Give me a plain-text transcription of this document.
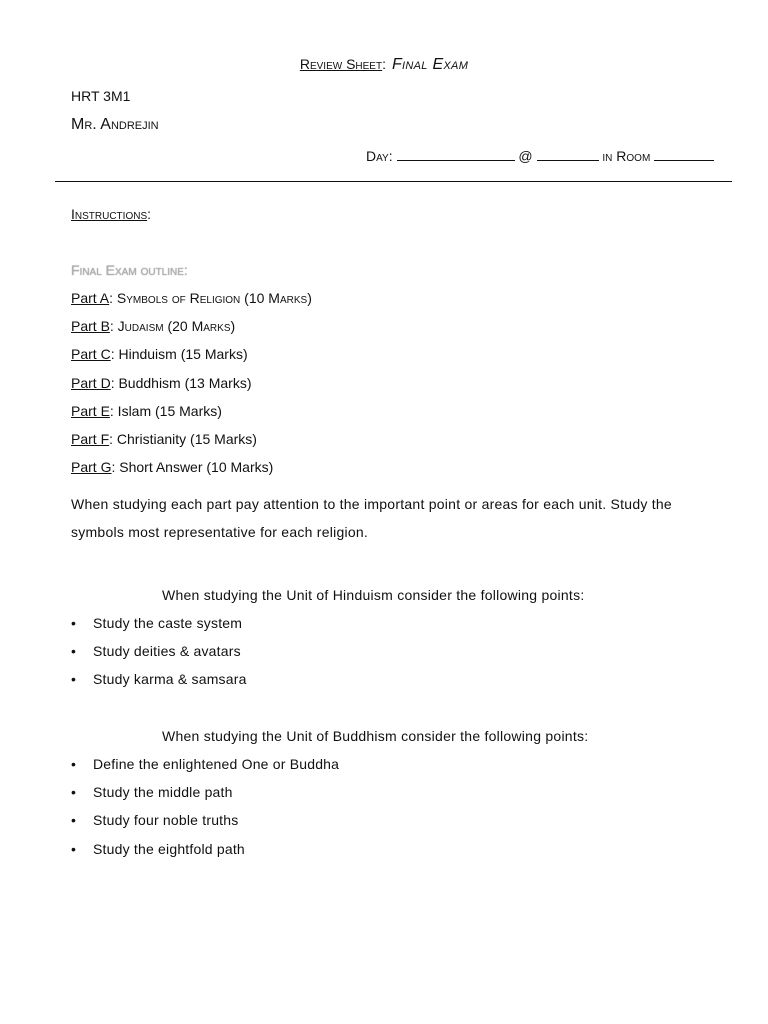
Review Sheet: Final Exam
HRT 3M1
Mr. Andrejin
Day:	@	in Room
Instructions:
Final Exam outline:
Part A: Symbols of Religion (10 Marks)
Part B: Judaism (20 Marks)
Part C: Hinduism (15 Marks)
Part D: Buddhism (13 Marks)
Part E: Islam (15 Marks)
Part F: Christianity (15 Marks)
Part G: Short Answer (10 Marks)
When studying each part pay attention to the important point or areas for each unit. Study the symbols most representative for each religion.
When studying the Unit of Hinduism consider the following points:
• Study the caste system
• Study deities & avatars
• Study karma & samsara
When studying the Unit of Buddhism consider the following points:
• Define the enlightened One or Buddha
• Study the middle path
• Study four noble truths
• Study the eightfold path
